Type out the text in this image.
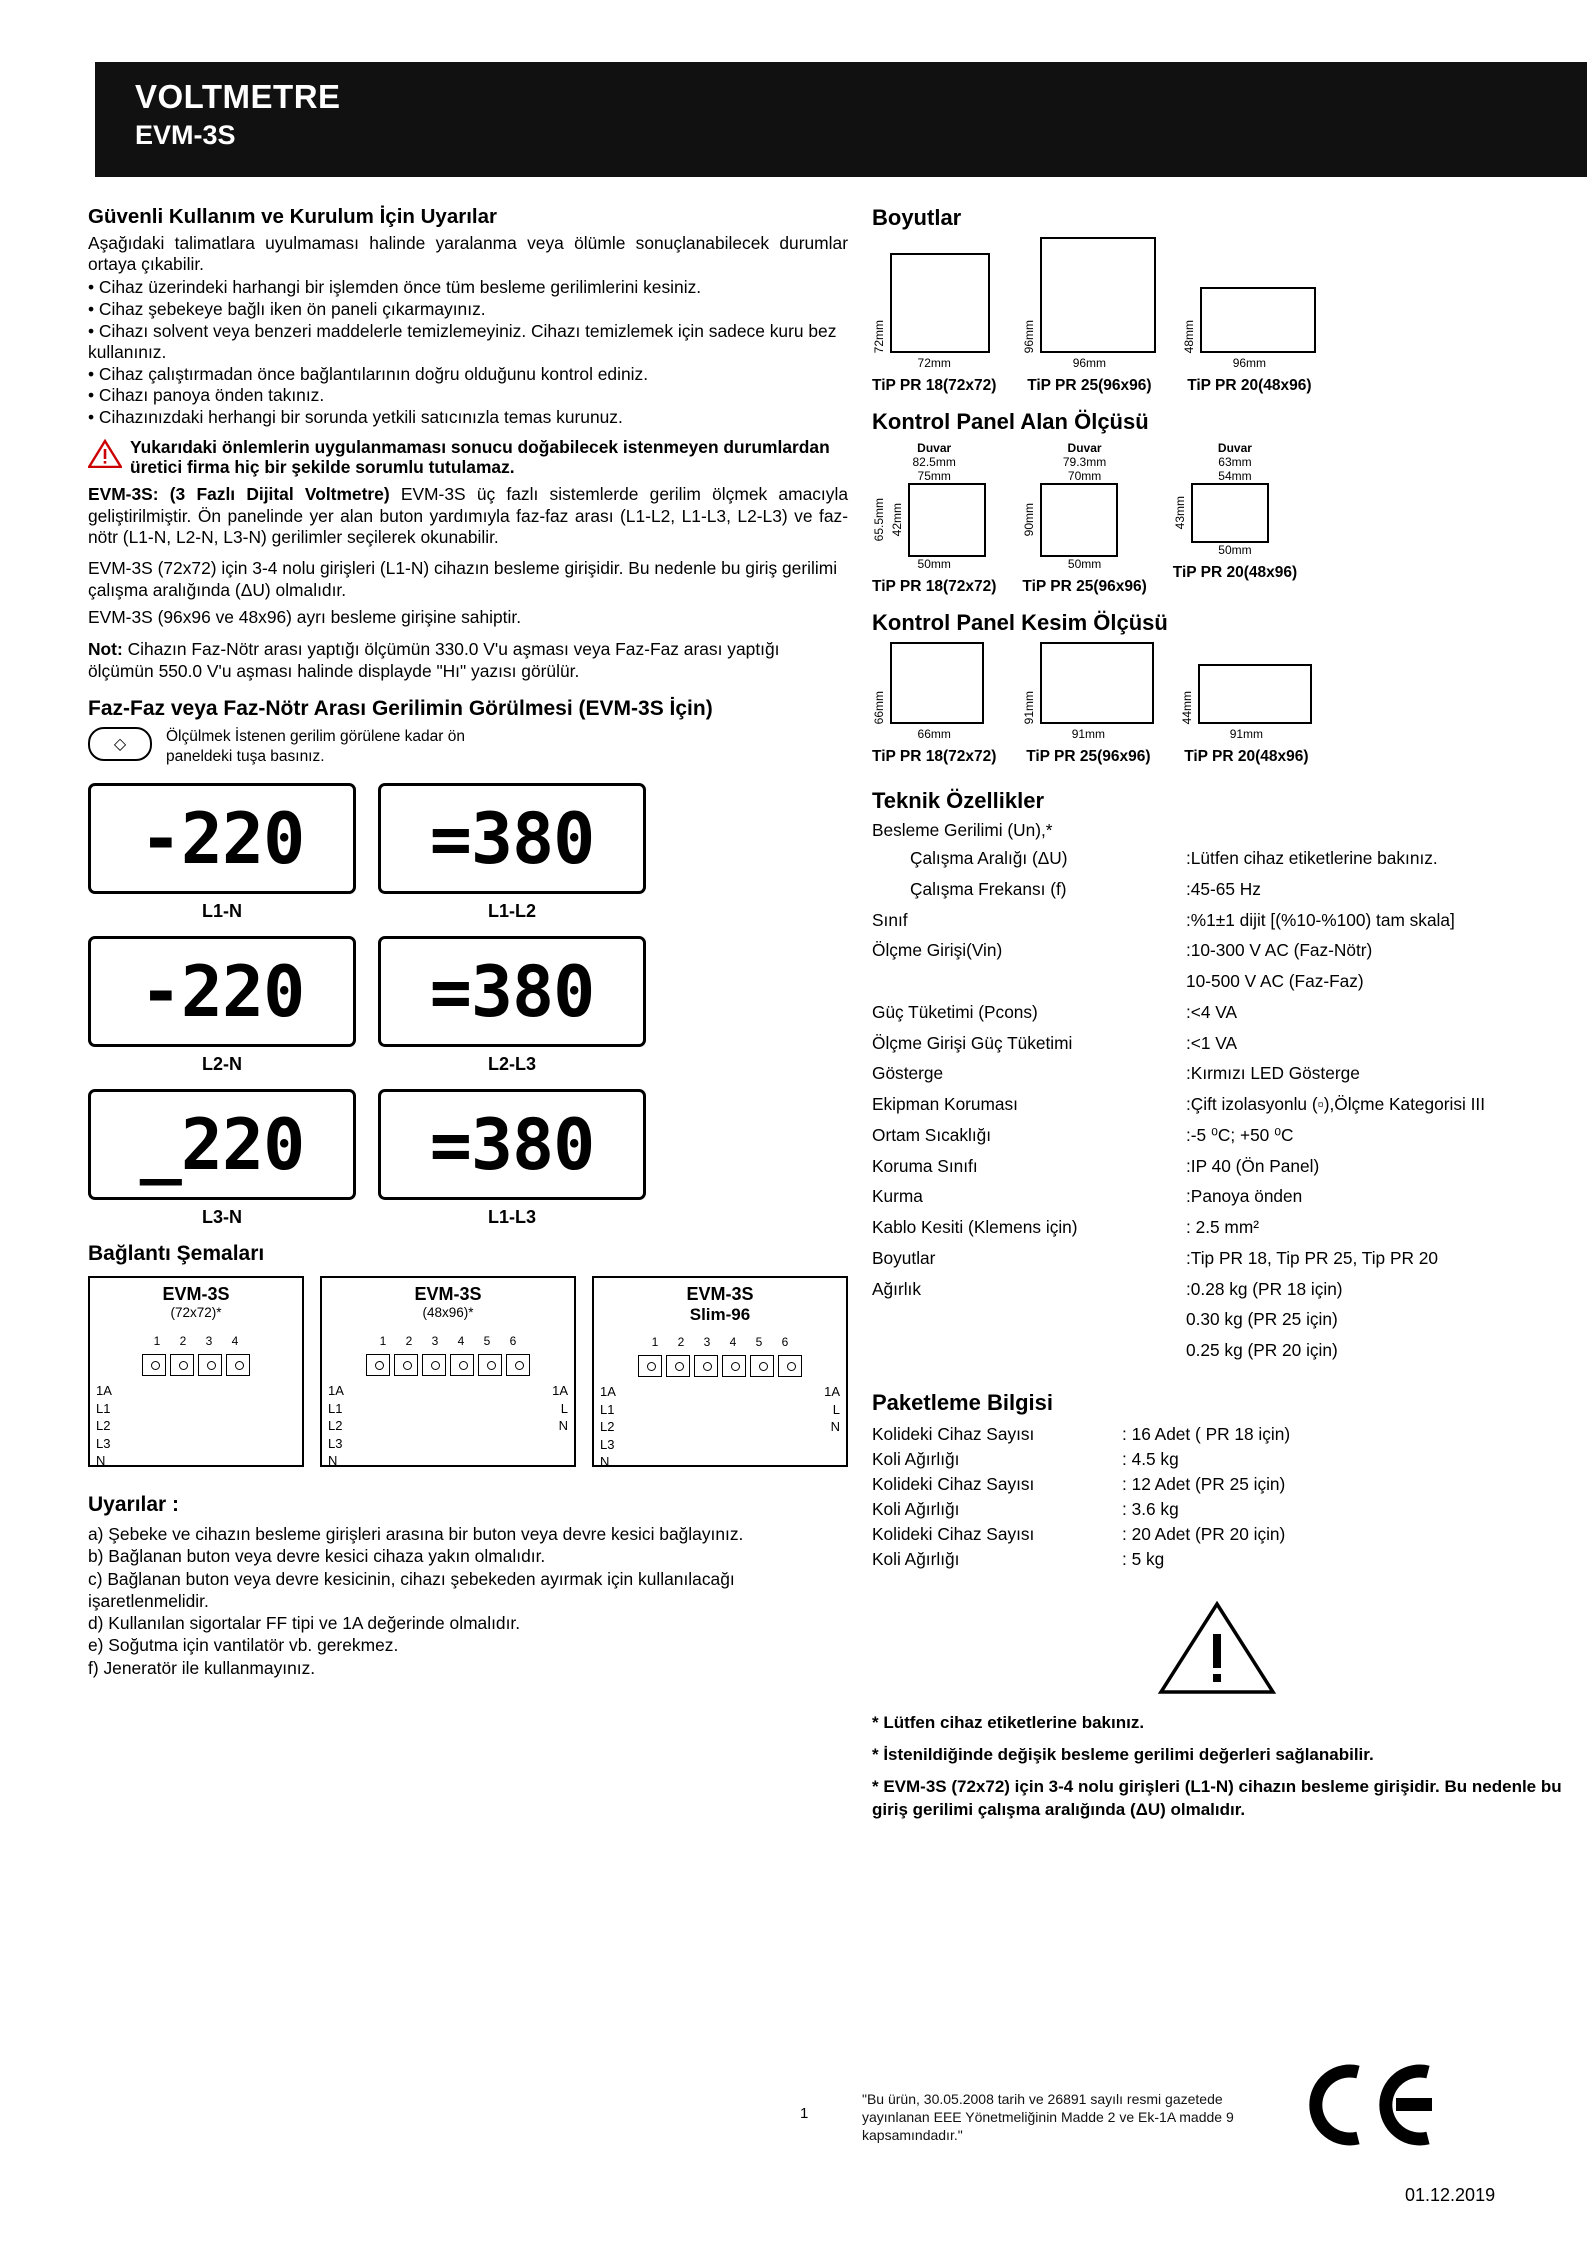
VOLTMETRE
EVM-3S
Güvenli Kullanım ve Kurulum İçin Uyarılar

Aşağıdaki talimatlara uyulmaması halinde yaralanma veya ölümle sonuçlanabilecek durumlar ortaya çıkabilir.

• Cihaz üzerindeki harhangi bir işlemden önce tüm besleme gerilimlerini kesiniz.
• Cihaz şebekeye bağlı iken ön paneli çıkarmayınız.
• Cihazı solvent veya benzeri maddelerle temizlemeyiniz. Cihazı temizlemek için sadece kuru bez kullanınız.
• Cihaz çalıştırmadan önce bağlantılarının doğru olduğunu kontrol ediniz.
• Cihazı panoya önden takınız.
• Cihazınızdaki herhangi bir sorunda yetkili satıcınızla temas kurunuz.
Yukarıdaki önlemlerin uygulanmaması sonucu doğabilecek istenmeyen durumlardan üretici firma hiç bir şekilde sorumlu tutulamaz.

EVM-3S: (3 Fazlı Dijital Voltmetre) EVM-3S üç fazlı sistemlerde gerilim ölçmek amacıyla geliştirilmiştir. Ön panelinde yer alan buton yardımıyla faz-faz arası (L1-L2, L1-L3, L2-L3) ve faz-nötr (L1-N, L2-N, L3-N) gerilimler seçilerek okunabilir.

EVM-3S (72x72) için 3-4 nolu girişleri (L1-N) cihazın besleme girişidir. Bu nedenle bu giriş gerilimi çalışma aralığında (ΔU) olmalıdır.

EVM-3S (96x96 ve 48x96) ayrı besleme girişine sahiptir.

Not: Cihazın Faz-Nötr arası yaptığı ölçümün 330.0 V'u aşması veya Faz-Faz arası yaptığı ölçümün 550.0 V'u aşması halinde displayde "Hı" yazısı görülür.

Faz-Faz veya Faz-Nötr Arası Gerilimin Görülmesi (EVM-3S İçin)
◇	Ölçülmek İstenen gerilim görülene kadar ön
paneldeki tuşa basınız.
$\frac{-220}{L1-N} =380$
L1-L2
$\frac{-220}{L2-N} =380$
L2-L3
$\frac{\_220}{L3-N} =380$
L1-L3
Bağlantı Şemaları
EVM-3S
(72x72)*
1	2	3	4
1A
L1
L2
L3
N
EVM-3S
(48x96)*
1	2	3	4	5	6
1A
L1
L2
L3
N
1A
L
N
EVM-3S
Slim-96
1	2	3	4	5	6
1A
L1
L2
L3
N
1A
L
N
Uyarılar :
a) Şebeke ve cihazın besleme girişleri arasına bir buton veya devre kesici bağlayınız.
b) Bağlanan buton veya devre kesici cihaza yakın olmalıdır.
c) Bağlanan buton veya devre kesicinin, cihazı şebekeden ayırmak için kullanılacağı işaretlenmelidir.
d) Kullanılan sigortalar FF tipi ve 1A değerinde olmalıdır.
e) Soğutma için vantilatör vb. gerekmez.
f) Jeneratör ile kullanmayınız.
Boyutlar
72mm
72mm
TiP PR 18(72x72)
96mm
96mm
TiP PR 25(96x96)
48mm
96mm
TiP PR 20(48x96)
Kontrol Panel Alan Ölçüsü
Duvar
82.5mm
75mm
65.5mm 42mm
50mm
TiP PR 18(72x72)
Duvar
79.3mm
70mm
90mm
50mm
TiP PR 25(96x96)
Duvar
63mm
54mm
43mm
50mm
TiP PR 20(48x96)
Kontrol Panel Kesim Ölçüsü
66mm
66mm
TiP PR 18(72x72)
91mm
91mm
TiP PR 25(96x96)
44mm
91mm
TiP PR 20(48x96)
Teknik Özellikler
Besleme Gerilimi (Un),*
Çalışma Aralığı (ΔU)	:Lütfen cihaz etiketlerine bakınız.
Çalışma Frekansı (f)	:45-65 Hz
Sınıf	:%1±1 dijit [(%10-%100) tam skala]
Ölçme Girişi(Vin)	:10-300 V AC (Faz-Nötr)
	10-500 V AC (Faz-Faz)
Güç Tüketimi (Pcons)	:<4 VA
Ölçme Girişi Güç Tüketimi	:<1 VA
Gösterge	:Kırmızı LED Gösterge
Ekipman Koruması	:Çift izolasyonlu (▫),Ölçme Kategorisi III
Ortam Sıcaklığı	:-5 ⁰C; +50 ⁰C
Koruma Sınıfı	:IP 40 (Ön Panel)
Kurma	:Panoya önden
Kablo Kesiti (Klemens için)	: 2.5 mm²
Boyutlar	:Tip PR 18, Tip PR 25, Tip PR 20
Ağırlık	:0.28 kg (PR 18 için)
	0.30 kg (PR 25 için)
	0.25 kg (PR 20 için)
Paketleme Bilgisi
Kolideki Cihaz Sayısı	: 16 Adet ( PR 18 için)
Koli Ağırlığı	: 4.5 kg
Kolideki Cihaz Sayısı	: 12 Adet (PR 25 için)
Koli Ağırlığı	: 3.6 kg
Kolideki Cihaz Sayısı	: 20 Adet (PR 20 için)
Koli Ağırlığı	: 5 kg
* Lütfen cihaz etiketlerine bakınız.
* İstenildiğinde değişik besleme gerilimi değerleri sağlanabilir.
* EVM-3S (72x72) için 3-4 nolu girişleri (L1-N) cihazın besleme girişidir. Bu nedenle bu giriş gerilimi çalışma aralığında (ΔU) olmalıdır.
1
"Bu ürün, 30.05.2008 tarih ve 26891 sayılı resmi gazetede yayınlanan EEE Yönetmeliğinin Madde 2 ve Ek-1A madde 9 kapsamındadır."
01.12.2019
